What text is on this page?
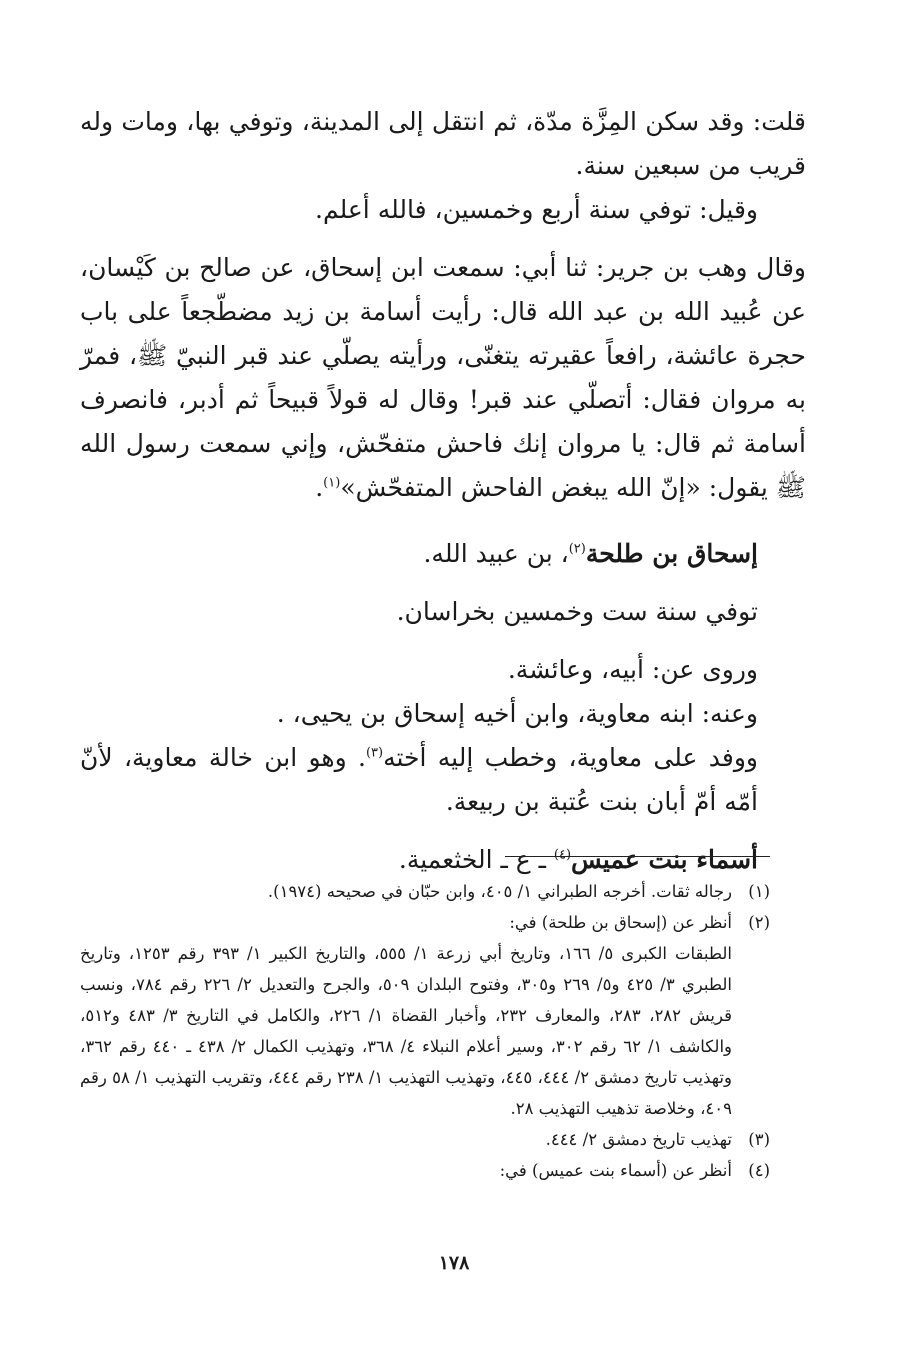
قلت: وقد سكن المِزَّة مدّة، ثم انتقل إلى المدينة، وتوفي بها، ومات وله قريب من سبعين سنة.

وقيل: توفي سنة أربع وخمسين، فالله أعلم.

وقال وهب بن جرير: ثنا أبي: سمعت ابن إسحاق، عن صالح بن كَيْسان، عن عُبيد الله بن عبد الله قال: رأيت أسامة بن زيد مضطّجعاً على باب حجرة عائشة، رافعاً عقيرته يتغنّى، ورأيته يصلّي عند قبر النبيّ ﷺ، فمرّ به مروان فقال: أتصلّي عند قبر! وقال له قولاً قبيحاً ثم أدبر، فانصرف أسامة ثم قال: يا مروان إنك فاحش متفحّش، وإني سمعت رسول الله ﷺ يقول: «إنّ الله يبغض الفاحش المتفحّش»$^{(١)}$.

إسحاق بن طلحة$^{(٢)}$، بن عبيد الله.

توفي سنة ست وخمسين بخراسان.

وروى عن: أبيه، وعائشة.

وعنه: ابنه معاوية، وابن أخيه إسحاق بن يحيى، .

ووفد على معاوية، وخطب إليه أخته$^{(٣)}$. وهو ابن خالة معاوية، لأنّ أمّه أمّ أبان بنت عُتبة بن ربيعة.

أسماء بنت عميس$^{(٤)}$ ـ ع ـ الخثعمية.

(١)
رجاله ثقات. أخرجه الطبراني ١/ ٤٠٥، وابن حبّان في صحيحه (١٩٧٤).
(٢)
أنظر عن (إسحاق بن طلحة) في:
الطبقات الكبرى ٥/ ١٦٦، وتاريخ أبي زرعة ١/ ٥٥٥، والتاريخ الكبير ١/ ٣٩٣ رقم ١٢٥٣، وتاريخ الطبري ٣/ ٤٢٥ و٥/ ٢٦٩ و٣٠٥، وفتوح البلدان ٥٠٩، والجرح والتعديل ٢/ ٢٢٦ رقم ٧٨٤، ونسب قريش ٢٨٢، ٢٨٣، والمعارف ٢٣٢، وأخبار القضاة ١/ ٢٢٦، والكامل في التاريخ ٣/ ٤٨٣ و٥١٢، والكاشف ١/ ٦٢ رقم ٣٠٢، وسير أعلام النبلاء ٤/ ٣٦٨، وتهذيب الكمال ٢/ ٤٣٨ ـ ٤٤٠ رقم ٣٦٢، وتهذيب تاريخ دمشق ٢/ ٤٤٤، ٤٤٥، وتهذيب التهذيب ١/ ٢٣٨ رقم ٤٤٤، وتقريب التهذيب ١/ ٥٨ رقم ٤٠٩، وخلاصة تذهيب التهذيب ٢٨.
(٣)
تهذيب تاريخ دمشق ٢/ ٤٤٤.
(٤)
أنظر عن (أسماء بنت عميس) في:
١٧٨
